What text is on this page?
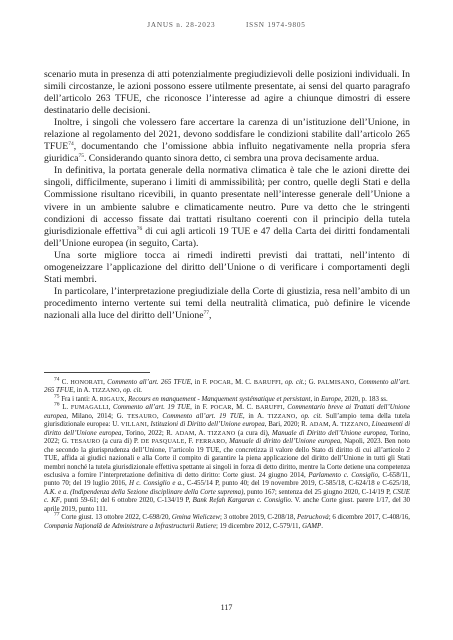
JANUS n. 28-2023	ISSN 1974-9805

scenario muta in presenza di atti potenzialmente pregiudizievoli delle posizioni individuali. In simili circostanze, le azioni possono essere utilmente presentate, ai sensi del quarto paragrafo dell’articolo 263 TFUE, che riconosce l’interesse ad agire a chiunque dimostri di essere destinatario delle decisioni.

Inoltre, i singoli che volessero fare accertare la carenza di un’istituzione dell’Unione, in relazione al regolamento del 2021, devono soddisfare le condizioni stabilite dall’articolo 265 TFUE$^{74}$, documentando che l’omissione abbia influito negativamente nella propria sfera giuridica$^{75}$. Considerando quanto sinora detto, ci sembra una prova decisamente ardua.

In definitiva, la portata generale della normativa climatica è tale che le azioni dirette dei singoli, difficilmente, superano i limiti di ammissibilità; per contro, quelle degli Stati e della Commissione risultano ricevibili, in quanto presentate nell’interesse generale dell’Unione a vivere in un ambiente salubre e climaticamente neutro. Pure va detto che le stringenti condizioni di accesso fissate dai trattati risultano coerenti con il principio della tutela giurisdizionale effettiva$^{76}$ di cui agli articoli 19 TUE e 47 della Carta dei diritti fondamentali dell’Unione europea (in seguito, Carta).

Una sorte migliore tocca ai rimedi indiretti previsti dai trattati, nell’intento di omogeneizzare l’applicazione del diritto dell’Unione o di verificare i comportamenti degli Stati membri.

In particolare, l’interpretazione pregiudiziale della Corte di giustizia, resa nell’ambito di un procedimento interno vertente sui temi della neutralità climatica, può definire le vicende nazionali alla luce del diritto dell’Unione$^{77}$,

$^{74}$ C. HONORATI, Commento all’art. 265 TFUE, in F. POCAR, M. C. BARUFFI, op. cit.; G. PALMISANO, Commento all’art. 265 TFUE, in A. TIZZANO, op. cit.

$^{75}$ Fra i tanti: A. RIGAUX, Recours en manquement - Manquement systématique et persistant, in Europe, 2020, p. 183 ss.

$^{76}$ L. FUMAGALLI, Commento all’art. 19 TUE, in F. POCAR, M. C. BARUFFI, Commentario breve ai Trattati dell’Unione europea, Milano, 2014; G. TESAURO, Commento all’art. 19 TUE, in A. TIZZANO, op. cit. Sull’ampio tema della tutela giurisdizionale europea: U. VILLANI, Istituzioni di Diritto dell’Unione europea, Bari, 2020; R. ADAM, A. TIZZANO, Lineamenti di diritto dell’Unione europea, Torino, 2022; R. ADAM, A. TIZZANO (a cura di), Manuale di Diritto dell’Unione europea, Torino, 2022; G. TESAURO (a cura di) P. DE PASQUALE, F. FERRARO, Manuale di diritto dell’Unione europea, Napoli, 2023. Ben noto che secondo la giurisprudenza dell’Unione, l’articolo 19 TUE, che concretizza il valore dello Stato di diritto di cui all’articolo 2 TUE, affida ai giudici nazionali e alla Corte il compito di garantire la piena applicazione del diritto dell’Unione in tutti gli Stati membri nonché la tutela giurisdizionale effettiva spettante ai singoli in forza di detto diritto, mentre la Corte detiene una competenza esclusiva a fornire l’interpretazione definitiva di detto diritto: Corte giust. 24 giugno 2014, Parlamento c. Consiglio, C-658/11, punto 70; del 19 luglio 2016, H c. Consiglio e a., C-455/14 P, punto 40; del 19 novembre 2019, C-585/18, C-624/18 e C-625/18, A.K. e a. (Indipendenza della Sezione disciplinare della Corte suprema), punto 167; sentenza del 25 giugno 2020, C-14/19 P, CSUE c. KF, punti 59-61; del 6 ottobre 2020, C-134/19 P, Bank Refah Kargaran c. Consiglio. V. anche Corte giust. parere 1/17, del 30 aprile 2019, punto 111.

$^{77}$ Corte giust. 13 ottobre 2022, C-698/20, Gmina Wieliczew; 3 ottobre 2019, C-208/18, Petruchová; 6 dicembre 2017, C-408/16, Compania Naţională de Administrare a Infrastructurii Rutiere; 19 dicembre 2012, C-579/11, GAMP.

117
